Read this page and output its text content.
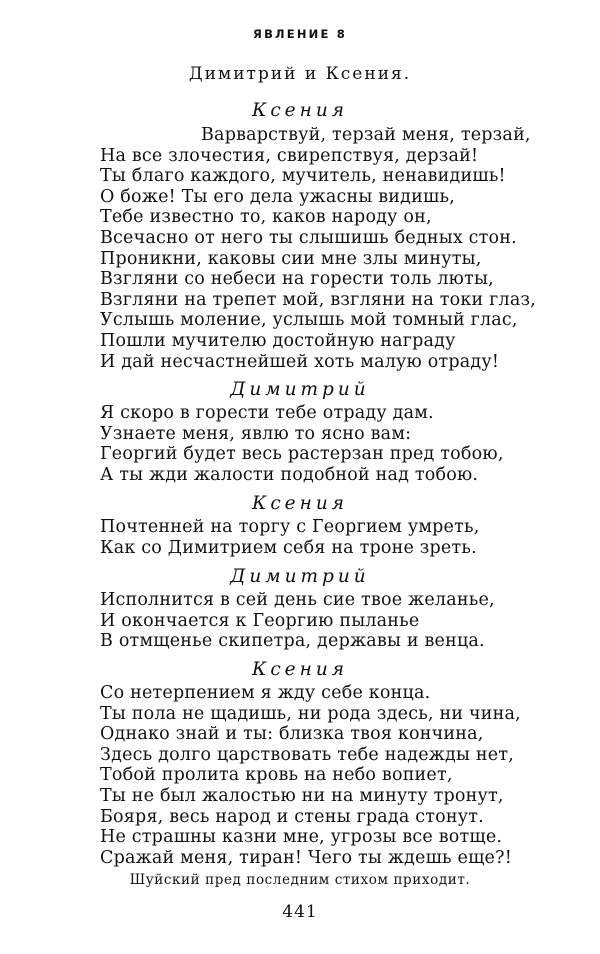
ЯВЛЕНИЕ 8
Димитрий и Ксения.
Ксения
Варварствуй, терзай меня, терзай,
На все злочестия, свирепствуя, дерзай!
Ты благо каждого, мучитель, ненавидишь!
О боже! Ты его дела ужасны видишь,
Тебе известно то, каков народу он,
Всечасно от него ты слышишь бедных стон.
Проникни, каковы сии мне злы минуты,
Взгляни со небеси на горести толь люты,
Взгляни на трепет мой, взгляни на токи глаз,
Услышь моление, услышь мой томный глас,
Пошли мучителю достойную награду
И дай несчастнейшей хоть малую отраду!
Димитрий
Я скоро в горести тебе отраду дам.
Узнаете меня, явлю то ясно вам:
Георгий будет весь растерзан пред тобою,
А ты жди жалости подобной над тобою.
Ксения
Почтенней на торгу с Георгием умреть,
Как со Димитрием себя на троне зреть.
Димитрий
Исполнится в сей день сие твое желанье,
И окончается к Георгию пыланье
В отмщенье скипетра, державы и венца.
Ксения
Со нетерпением я жду себе конца.
Ты пола не щадишь, ни рода здесь, ни чина,
Однако знай и ты: близка твоя кончина,
Здесь долго царствовать тебе надежды нет,
Тобой пролита кровь на небо вопиет,
Ты не был жалостью ни на минуту тронут,
Бояря, весь народ и стены града стонут.
Не страшны казни мне, угрозы все вотще.
Сражай меня, тиран! Чего ты ждешь еще?!
Шуйский пред последним стихом приходит.
441
